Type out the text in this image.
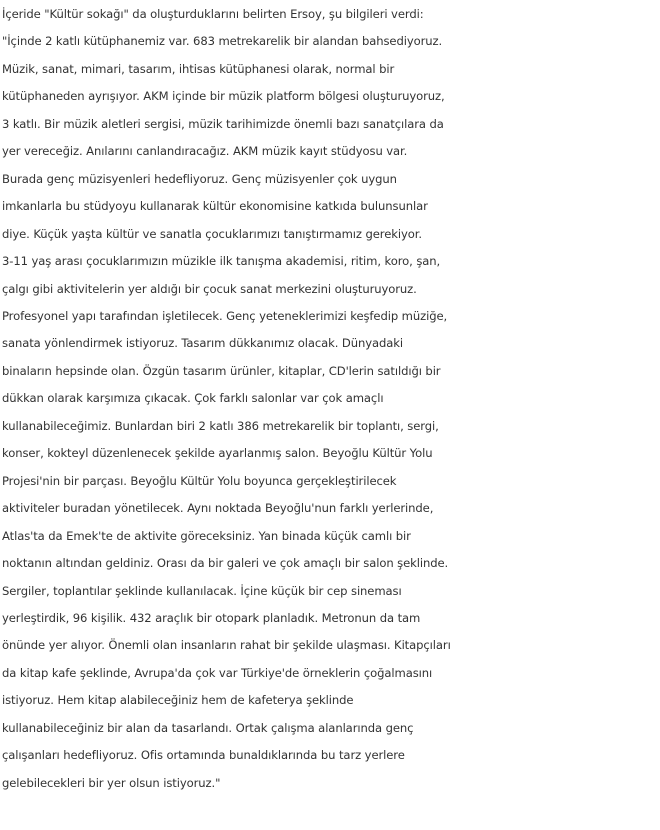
İçeride "Kültür sokağı" da oluşturduklarını belirten Ersoy, şu bilgileri verdi:
"İçinde 2 katlı kütüphanemiz var. 683 metrekarelik bir alandan bahsediyoruz.
Müzik, sanat, mimari, tasarım, ihtisas kütüphanesi olarak, normal bir
kütüphaneden ayrışıyor. AKM içinde bir müzik platform bölgesi oluşturuyoruz,
3 katlı. Bir müzik aletleri sergisi, müzik tarihimizde önemli bazı sanatçılara da
yer vereceğiz. Anılarını canlandıracağız. AKM müzik kayıt stüdyosu var.
Burada genç müzisyenleri hedefliyoruz. Genç müzisyenler çok uygun
imkanlarla bu stüdyoyu kullanarak kültür ekonomisine katkıda bulunsunlar
diye. Küçük yaşta kültür ve sanatla çocuklarımızı tanıştırmamız gerekiyor.
3-11 yaş arası çocuklarımızın müzikle ilk tanışma akademisi, ritim, koro, şan,
çalgı gibi aktivitelerin yer aldığı bir çocuk sanat merkezini oluşturuyoruz.
Profesyonel yapı tarafından işletilecek. Genç yeteneklerimizi keşfedip müziğe,
sanata yönlendirmek istiyoruz. Tasarım dükkanımız olacak. Dünyadaki
binaların hepsinde olan. Özgün tasarım ürünler, kitaplar, CD'lerin satıldığı bir
dükkan olarak karşımıza çıkacak. Çok farklı salonlar var çok amaçlı
kullanabileceğimiz. Bunlardan biri 2 katlı 386 metrekarelik bir toplantı, sergi,
konser, kokteyl düzenlenecek şekilde ayarlanmış salon. Beyoğlu Kültür Yolu
Projesi'nin bir parçası. Beyoğlu Kültür Yolu boyunca gerçekleştirilecek
aktiviteler buradan yönetilecek. Aynı noktada Beyoğlu'nun farklı yerlerinde,
Atlas'ta da Emek'te de aktivite göreceksiniz. Yan binada küçük camlı bir
noktanın altından geldiniz. Orası da bir galeri ve çok amaçlı bir salon şeklinde.
Sergiler, toplantılar şeklinde kullanılacak. İçine küçük bir cep sineması
yerleştirdik, 96 kişilik. 432 araçlık bir otopark planladık. Metronun da tam
önünde yer alıyor. Önemli olan insanların rahat bir şekilde ulaşması. Kitapçıları
da kitap kafe şeklinde, Avrupa'da çok var Türkiye'de örneklerin çoğalmasını
istiyoruz. Hem kitap alabileceğiniz hem de kafeterya şeklinde
kullanabileceğiniz bir alan da tasarlandı. Ortak çalışma alanlarında genç
çalışanları hedefliyoruz. Ofis ortamında bunaldıklarında bu tarz yerlere
gelebilecekleri bir yer olsun istiyoruz."
